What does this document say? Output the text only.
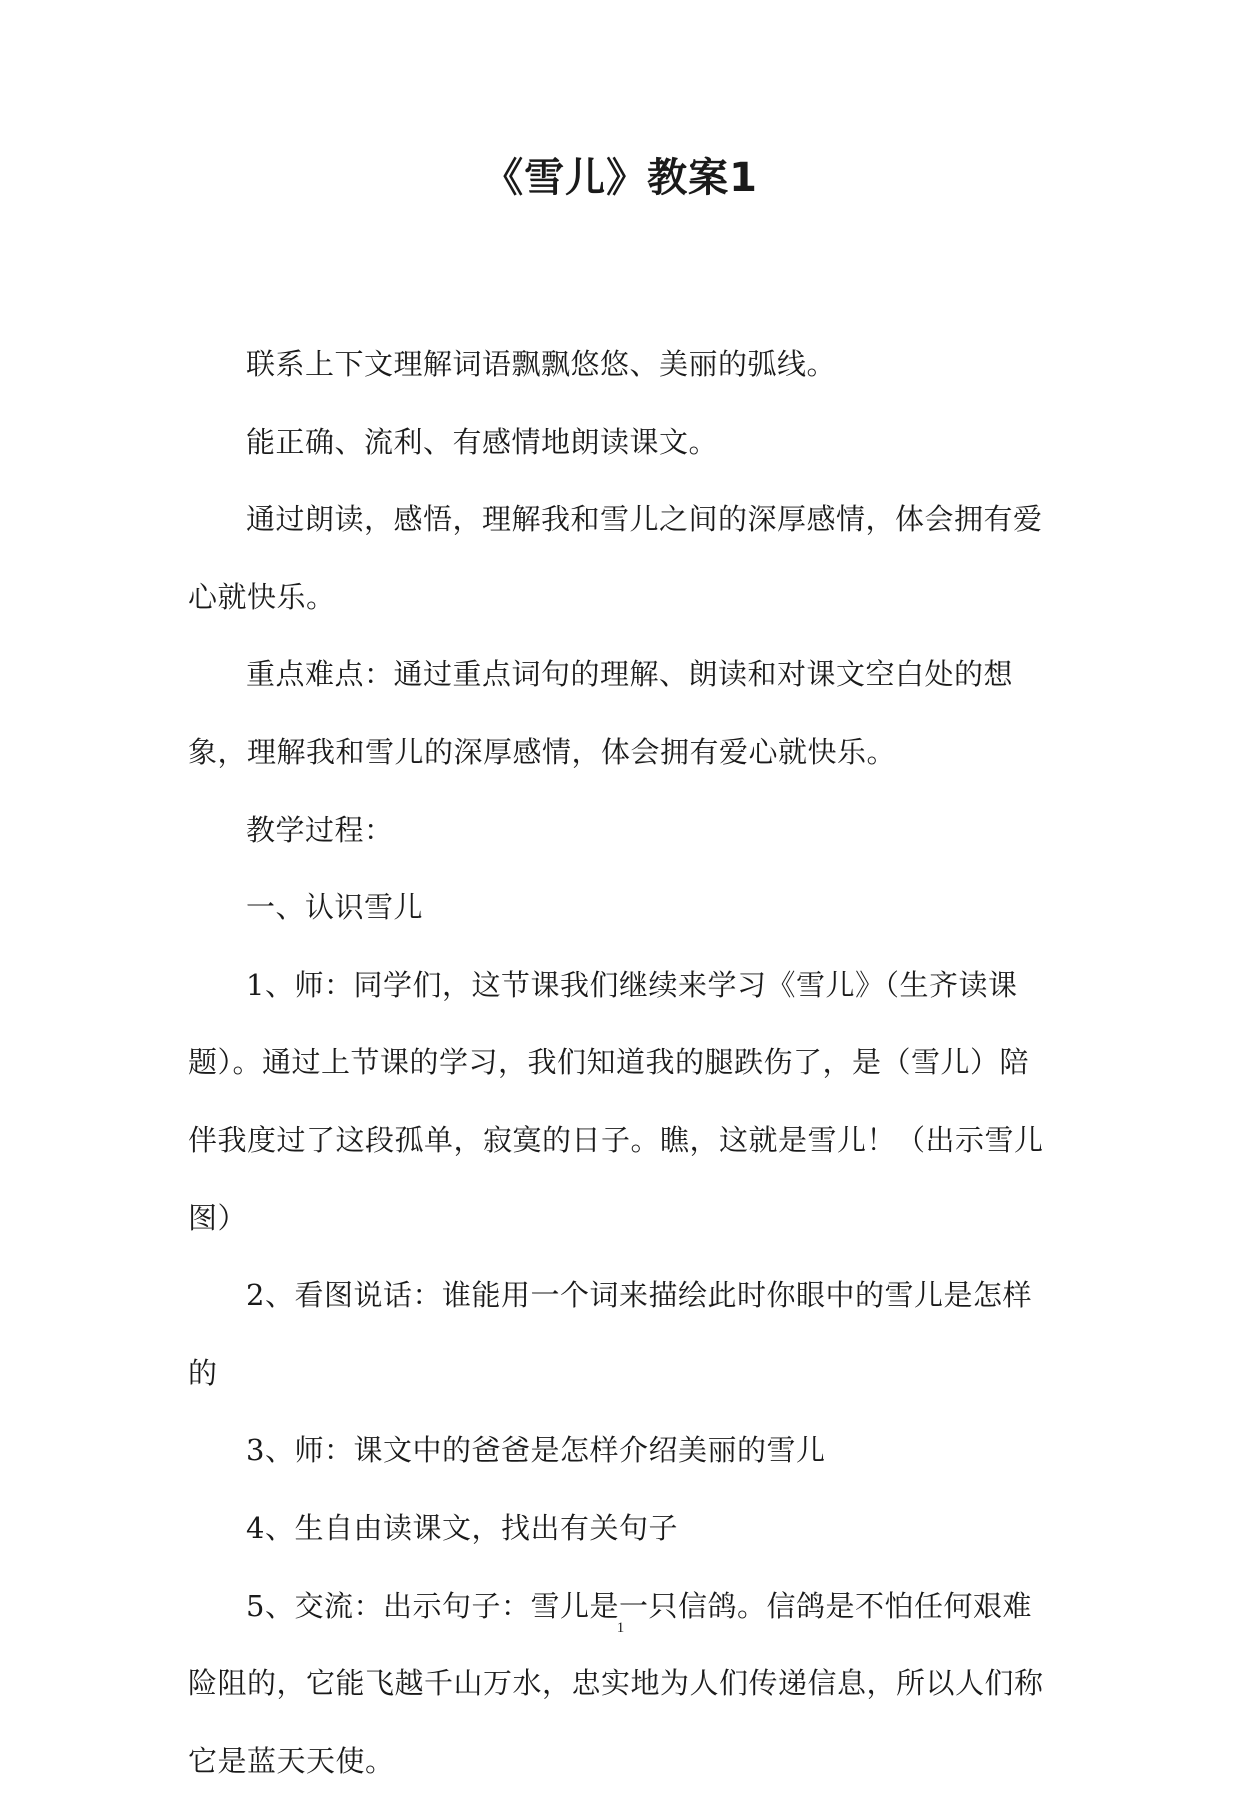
《雪儿》教案1

联系上下文理解词语飘飘悠悠、美丽的弧线。

能正确、流利、有感情地朗读课文。

通过朗读，感悟，理解我和雪儿之间的深厚感情，体会拥有爱心就快乐。

重点难点：通过重点词句的理解、朗读和对课文空白处的想象，理解我和雪儿的深厚感情，体会拥有爱心就快乐。

教学过程：

一、认识雪儿

1、师：同学们，这节课我们继续来学习《雪儿》（生齐读课题）。通过上节课的学习，我们知道我的腿跌伤了，是（雪儿）陪伴我度过了这段孤单，寂寞的日子。瞧，这就是雪儿！（出示雪儿图）

2、看图说话：谁能用一个词来描绘此时你眼中的雪儿是怎样的

3、师：课文中的爸爸是怎样介绍美丽的雪儿

4、生自由读课文，找出有关句子

5、交流：出示句子：雪儿是一只信鸽。信鸽是不怕任何艰难险阻的，它能飞越千山万水，忠实地为人们传递信息，所以人们称它是蓝天天使。

1
